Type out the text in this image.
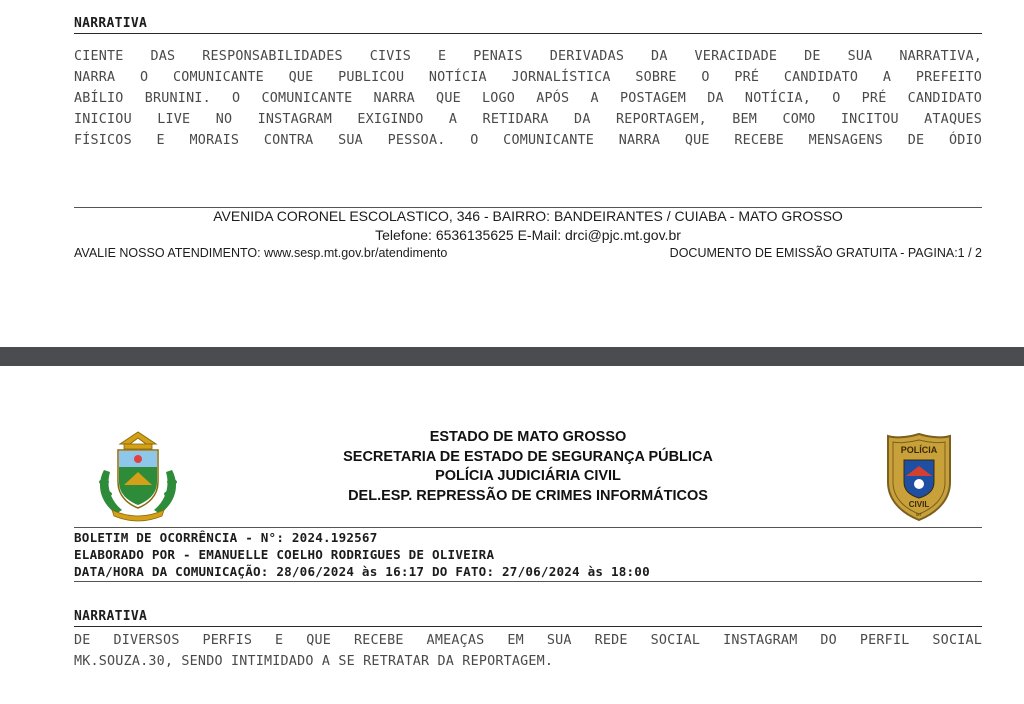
NARRATIVA
CIENTE DAS RESPONSABILIDADES CIVIS E PENAIS DERIVADAS DA VERACIDADE DE SUA NARRATIVA,
NARRA O COMUNICANTE QUE PUBLICOU NOTÍCIA JORNALÍSTICA SOBRE O PRÉ CANDIDATO A PREFEITO
ABÍLIO BRUNINI. O COMUNICANTE NARRA QUE LOGO APÓS A POSTAGEM DA NOTÍCIA, O PRÉ CANDIDATO
INICIOU LIVE NO INSTAGRAM EXIGINDO A RETIDARA DA REPORTAGEM, BEM COMO INCITOU ATAQUES
FÍSICOS E MORAIS CONTRA SUA PESSOA. O COMUNICANTE NARRA QUE RECEBE MENSAGENS DE ÓDIO
AVENIDA CORONEL ESCOLASTICO, 346 - BAIRRO: BANDEIRANTES / CUIABA - MATO GROSSO
Telefone: 6536135625 E-Mail: drci@pjc.mt.gov.br
AVALIE NOSSO ATENDIMENTO: www.sesp.mt.gov.br/atendimento	DOCUMENTO DE EMISSÃO GRATUITA - PAGINA:1 / 2
ESTADO DE MATO GROSSO
SECRETARIA DE ESTADO DE SEGURANÇA PÚBLICA
POLÍCIA JUDICIÁRIA CIVIL
DEL.ESP. REPRESSÃO DE CRIMES INFORMÁTICOS
POLÍCIA
CIVIL
MT
BOLETIM DE OCORRÊNCIA - N°: 2024.192567
ELABORADO POR - EMANUELLE COELHO RODRIGUES DE OLIVEIRA
DATA/HORA DA COMUNICAÇÃO: 28/06/2024 às 16:17 DO FATO: 27/06/2024 às 18:00
NARRATIVA
DE DIVERSOS PERFIS E QUE RECEBE AMEAÇAS EM SUA REDE SOCIAL INSTAGRAM DO PERFIL SOCIAL
MK.SOUZA.30, SENDO INTIMIDADO A SE RETRATAR DA REPORTAGEM.
